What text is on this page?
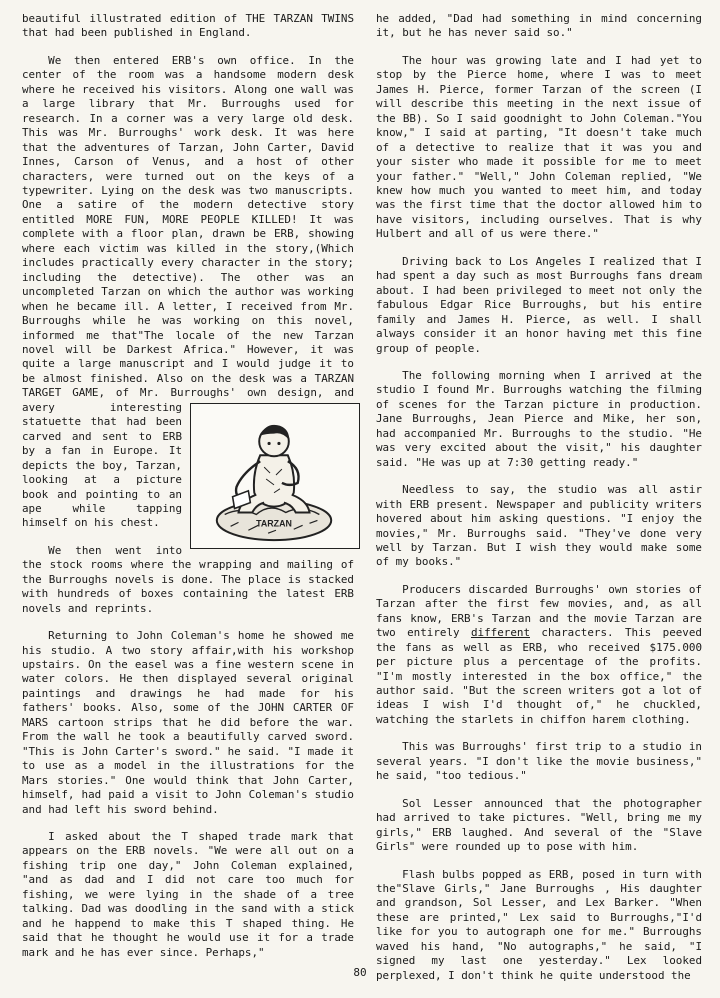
beautiful illustrated edition of THE TARZAN TWINS that had been published in England.

We then entered ERB's own office. In the center of the room was a handsome modern desk where he received his visitors. Along one wall was a large library that Mr. Burroughs used for research. In a corner was a very large old desk. This was Mr. Burroughs' work desk. It was here that the adventures of Tarzan, John Carter, David Innes, Carson of Venus, and a host of other characters, were turned out on the keys of a typewriter. Lying on the desk was two manuscripts. One a satire of the modern detective story entitled MORE FUN, MORE PEOPLE KILLED! It was complete with a floor plan, drawn be ERB, showing where each victim was killed in the story,(Which includes practically every character in the story; including the detective). The other was an uncompleted Tarzan on which the author was working when he became ill. A letter, I received from Mr. Burroughs while he was working on this novel, informed me that"The locale of the new Tarzan novel will be Darkest Africa." However, it was quite a large manuscript and I would judge it to be almost finished. Also on the desk was a TARZAN TARGET GAME, of Mr. Burroughs' own design, and a
TARZAN
very interesting statuette that had been carved and sent to ERB by a fan in Europe. It depicts the boy, Tarzan, looking at a picture book and pointing to an ape while tapping himself on his chest.

We then went into the stock rooms where the wrapping and mailing of the Burroughs novels is done. The place is stacked with hundreds of boxes containing the latest ERB novels and reprints.

Returning to John Coleman's home he showed me his studio. A two story affair,with his workshop upstairs. On the easel was a fine western scene in water colors. He then displayed several original paintings and drawings he had made for his fathers' books. Also, some of the JOHN CARTER OF MARS cartoon strips that he did before the war. From the wall he took a beautifully carved sword. "This is John Carter's sword." he said. "I made it to use as a model in the illustrations for the Mars stories." One would think that John Carter, himself, had paid a visit to John Coleman's studio and had left his sword behind.

I asked about the T shaped trade mark that appears on the ERB novels. "We were all out on a fishing trip one day," John Coleman explained, "and as dad and I did not care too much for fishing, we were lying in the shade of a tree talking. Dad was doodling in the sand with a stick and he happend to make this T shaped thing. He said that he thought he would use it for a trade mark and he has ever since. Perhaps,"

he added, "Dad had something in mind concerning it, but he has never said so."

The hour was growing late and I had yet to stop by the Pierce home, where I was to meet James H. Pierce, former Tarzan of the screen (I will describe this meeting in the next issue of the BB). So I said goodnight to John Coleman."You know," I said at parting, "It doesn't take much of a detective to realize that it was you and your sister who made it possible for me to meet your father." "Well," John Coleman replied, "We knew how much you wanted to meet him, and today was the first time that the doctor allowed him to have visitors, including ourselves. That is why Hulbert and all of us were there."

Driving back to Los Angeles I realized that I had spent a day such as most Burroughs fans dream about. I had been privileged to meet not only the fabulous Edgar Rice Burroughs, but his entire family and James H. Pierce, as well. I shall always consider it an honor having met this fine group of people.

The following morning when I arrived at the studio I found Mr. Burroughs watching the filming of scenes for the Tarzan picture in production. Jane Burroughs, Jean Pierce and Mike, her son, had accompanied Mr. Burroughs to the studio. "He was very excited about the visit," his daughter said. "He was up at 7:30 getting ready."

Needless to say, the studio was all astir with ERB present. Newspaper and publicity writers hovered about him asking questions. "I enjoy the movies," Mr. Burroughs said. "They've done very well by Tarzan. But I wish they would make some of my books."

Producers discarded Burroughs' own stories of Tarzan after the first few movies, and, as all fans know, ERB's Tarzan and the movie Tarzan are two entirely different characters. This peeved the fans as well as ERB, who received $175.000 per picture plus a percentage of the profits. "I'm mostly interested in the box office," the author said. "But the screen writers got a lot of ideas I wish I'd thought of," he chuckled, watching the starlets in chiffon harem clothing.

This was Burroughs' first trip to a studio in several years. "I don't like the movie business," he said, "too tedious."

Sol Lesser announced that the photographer had arrived to take pictures. "Well, bring me my girls," ERB laughed. And several of the "Slave Girls" were rounded up to pose with him.

Flash bulbs popped as ERB, posed in turn with the"Slave Girls," Jane Burroughs , His daughter and grandson, Sol Lesser, and Lex Barker. "When these are printed," Lex said to Burroughs,"I'd like for you to autograph one for me." Burroughs waved his hand, "No autographs," he said, "I signed my last one yesterday." Lex looked perplexed, I don't think he quite understood the

80
